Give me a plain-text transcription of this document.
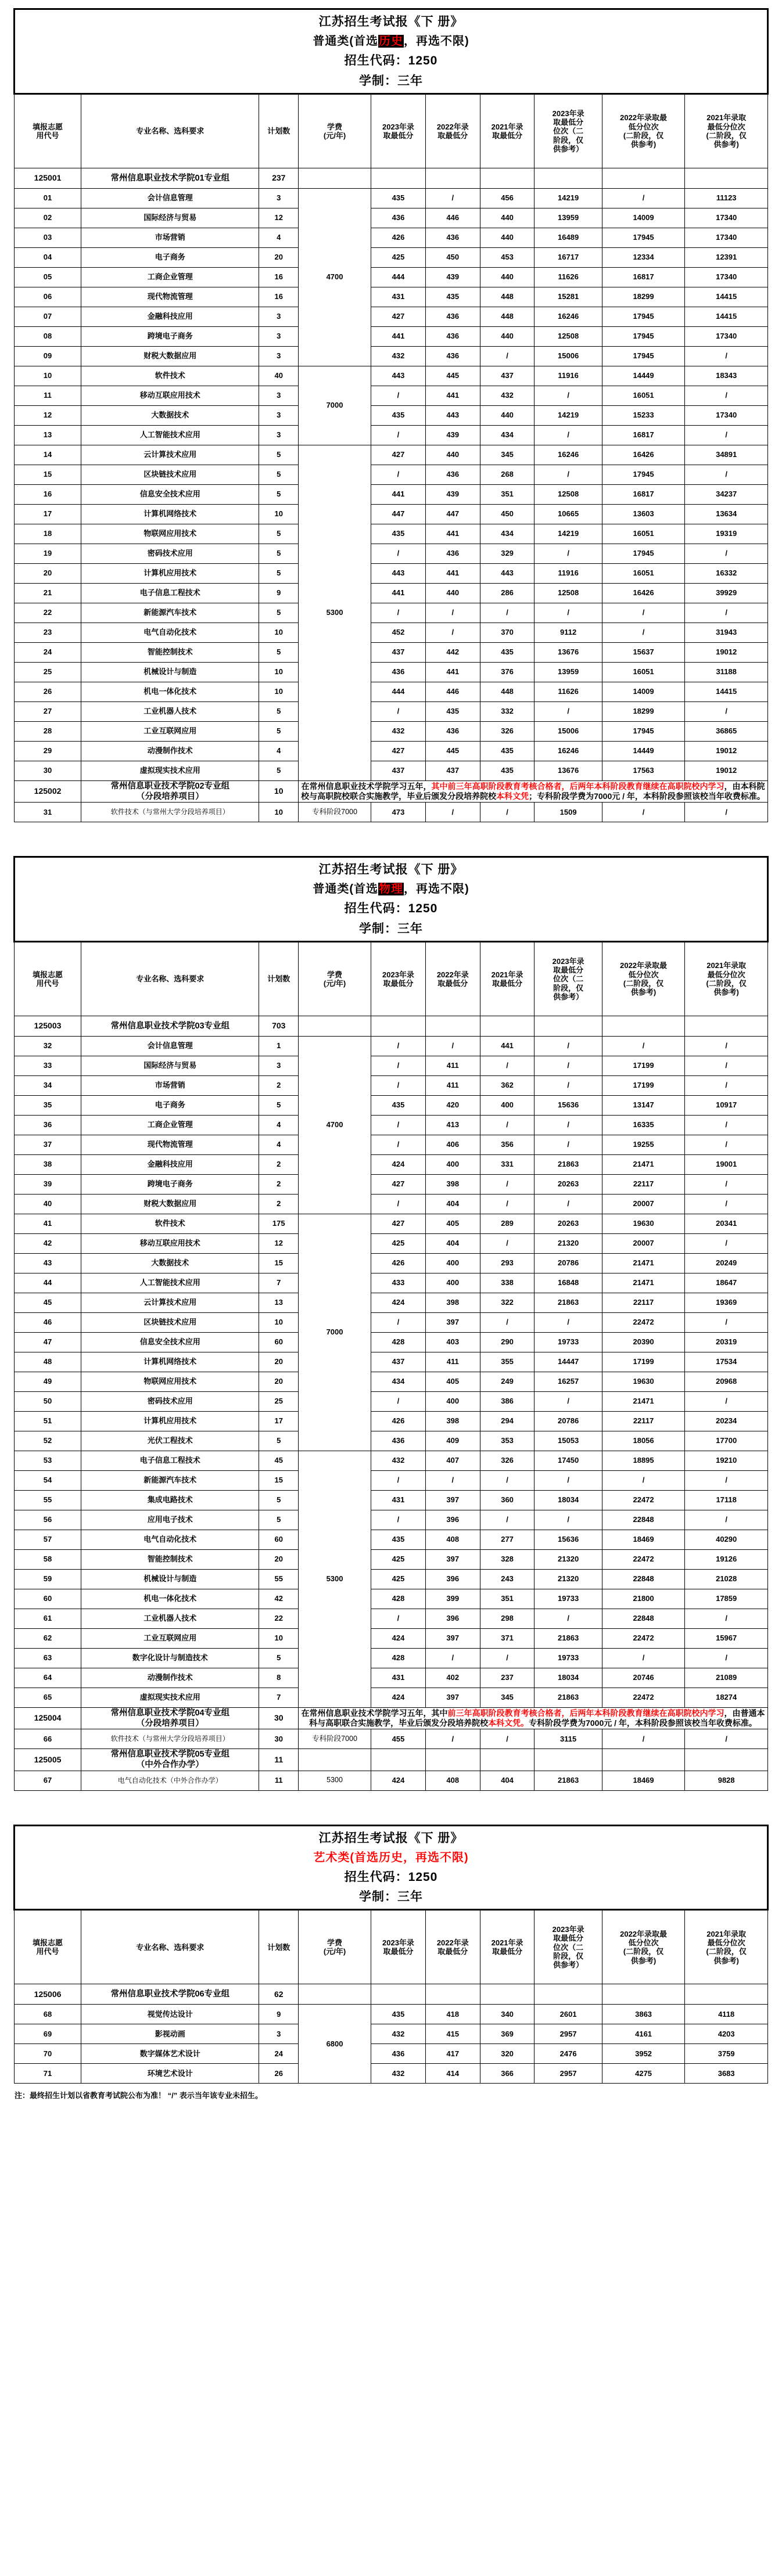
江苏招生考试报《下 册》
普通类(首选历史，再选不限)
招生代码：1250
学制：三年									

填报志愿
用代号	专业名称、选科要求	计划数	学费
(元/年)	2023年录
取最低分	2022年录
取最低分	2021年录
取最低分	2023年录
取最低分
位次（二
阶段，仅
供参考）	2022年录取最
低分位次
(二阶段，仅
供参考)	2021年录取
最低分位次
(二阶段，仅
供参考)
125001	常州信息职业技术学院01专业组	237							
01	会计信息管理	3	4700	435	/	456	14219	/	11123
02	国际经济与贸易	12		436	446	440	13959	14009	17340
03	市场营销	4		426	436	440	16489	17945	17340
04	电子商务	20		425	450	453	16717	12334	12391
05	工商企业管理	16		444	439	440	11626	16817	17340
06	现代物流管理	16		431	435	448	15281	18299	14415
07	金融科技应用	3		427	436	448	16246	17945	14415
08	跨境电子商务	3		441	436	440	12508	17945	17340
09	财税大数据应用	3		432	436	/	15006	17945	/
10	软件技术	40	7000	443	445	437	11916	14449	18343
11	移动互联应用技术	3		/	441	432	/	16051	/
12	大数据技术	3		435	443	440	14219	15233	17340
13	人工智能技术应用	3		/	439	434	/	16817	/
14	云计算技术应用	5	5300	427	440	345	16246	16426	34891
15	区块链技术应用	5		/	436	268	/	17945	/
16	信息安全技术应用	5		441	439	351	12508	16817	34237
17	计算机网络技术	10		447	447	450	10665	13603	13634
18	物联网应用技术	5		435	441	434	14219	16051	19319
19	密码技术应用	5		/	436	329	/	17945	/
20	计算机应用技术	5		443	441	443	11916	16051	16332
21	电子信息工程技术	9		441	440	286	12508	16426	39929
22	新能源汽车技术	5		/	/	/	/	/	/
23	电气自动化技术	10		452	/	370	9112	/	31943
24	智能控制技术	5		437	442	435	13676	15637	19012
25	机械设计与制造	10		436	441	376	13959	16051	31188
26	机电一体化技术	10		444	446	448	11626	14009	14415
27	工业机器人技术	5		/	435	332	/	18299	/
28	工业互联网应用	5		432	436	326	15006	17945	36865
29	动漫制作技术	4		427	445	435	16246	14449	19012
30	虚拟现实技术应用	5		437	437	435	13676	17563	19012
125002	常州信息职业技术学院02专业组
（分段培养项目）	10	在常州信息职业技术学院学习五年，其中前三年高职阶段教育考核合格者，后两年本科阶段教育继续在高职院校内学习，由本科院校与高职院校联合实施教学，毕业后颁发分段培养院校本科文凭；专科阶段学费为7000元 / 年，本科阶段参照该校当年收费标准。						
31	软件技术（与常州大学分段培养项目）	10	专科阶段7000	473	/	/	1509	/	/
江苏招生考试报《下 册》
普通类(首选物理，再选不限)
招生代码：1250
学制：三年									

填报志愿
用代号	专业名称、选科要求	计划数	学费
(元/年)	2023年录
取最低分	2022年录
取最低分	2021年录
取最低分	2023年录
取最低分
位次（二
阶段，仅
供参考）	2022年录取最
低分位次
(二阶段，仅
供参考)	2021年录取
最低分位次
(二阶段，仅
供参考)
125003	常州信息职业技术学院03专业组	703							
32	会计信息管理	1	4700	/	/	441	/	/	/
33	国际经济与贸易	3		/	411	/	/	17199	/
34	市场营销	2		/	411	362	/	17199	/
35	电子商务	5		435	420	400	15636	13147	10917
36	工商企业管理	4		/	413	/	/	16335	/
37	现代物流管理	4		/	406	356	/	19255	/
38	金融科技应用	2		424	400	331	21863	21471	19001
39	跨境电子商务	2		427	398	/	20263	22117	/
40	财税大数据应用	2		/	404	/	/	20007	/
41	软件技术	175	7000	427	405	289	20263	19630	20341
42	移动互联应用技术	12		425	404	/	21320	20007	/
43	大数据技术	15		426	400	293	20786	21471	20249
44	人工智能技术应用	7		433	400	338	16848	21471	18647
45	云计算技术应用	13		424	398	322	21863	22117	19369
46	区块链技术应用	10		/	397	/	/	22472	/
47	信息安全技术应用	60		428	403	290	19733	20390	20319
48	计算机网络技术	20		437	411	355	14447	17199	17534
49	物联网应用技术	20		434	405	249	16257	19630	20968
50	密码技术应用	25		/	400	386	/	21471	/
51	计算机应用技术	17		426	398	294	20786	22117	20234
52	光伏工程技术	5		436	409	353	15053	18056	17700
53	电子信息工程技术	45	5300	432	407	326	17450	18895	19210
54	新能源汽车技术	15		/	/	/	/	/	/
55	集成电路技术	5		431	397	360	18034	22472	17118
56	应用电子技术	5		/	396	/	/	22848	/
57	电气自动化技术	60		435	408	277	15636	18469	40290
58	智能控制技术	20		425	397	328	21320	22472	19126
59	机械设计与制造	55		425	396	243	21320	22848	21028
60	机电一体化技术	42		428	399	351	19733	21800	17859
61	工业机器人技术	22		/	396	298	/	22848	/
62	工业互联网应用	10		424	397	371	21863	22472	15967
63	数字化设计与制造技术	5		428	/	/	19733	/	/
64	动漫制作技术	8		431	402	237	18034	20746	21089
65	虚拟现实技术应用	7		424	397	345	21863	22472	18274
125004	常州信息职业技术学院04专业组
（分段培养项目）	30	在常州信息职业技术学院学习五年，其中前三年高职阶段教育考核合格者，后两年本科阶段教育继续在高职院校内学习，由普通本科与高职联合实施教学，毕业后颁发分段培养院校本科文凭。专科阶段学费为7000元 / 年，本科阶段参照该校当年收费标准。						
66	软件技术（与常州大学分段培养项目）	30	专科阶段7000	455	/	/	3115	/	/
125005	常州信息职业技术学院05专业组
（中外合作办学）	11							
67	电气自动化技术（中外合作办学）	11	5300	424	408	404	21863	18469	9828
江苏招生考试报《下 册》
艺术类(首选历史，再选不限)
招生代码：1250
学制：三年									

填报志愿
用代号	专业名称、选科要求	计划数	学费
(元/年)	2023年录
取最低分	2022年录
取最低分	2021年录
取最低分	2023年录
取最低分
位次（二
阶段，仅
供参考）	2022年录取最
低分位次
(二阶段，仅
供参考)	2021年录取
最低分位次
(二阶段，仅
供参考)
125006	常州信息职业技术学院06专业组	62							
68	视觉传达设计	9	6800	435	418	340	2601	3863	4118
69	影视动画	3		432	415	369	2957	4161	4203
70	数字媒体艺术设计	24		436	417	320	2476	3952	3759
71	环境艺术设计	26		432	414	366	2957	4275	3683
注：最终招生计划以省教育考试院公布为准！ “/” 表示当年该专业未招生。
